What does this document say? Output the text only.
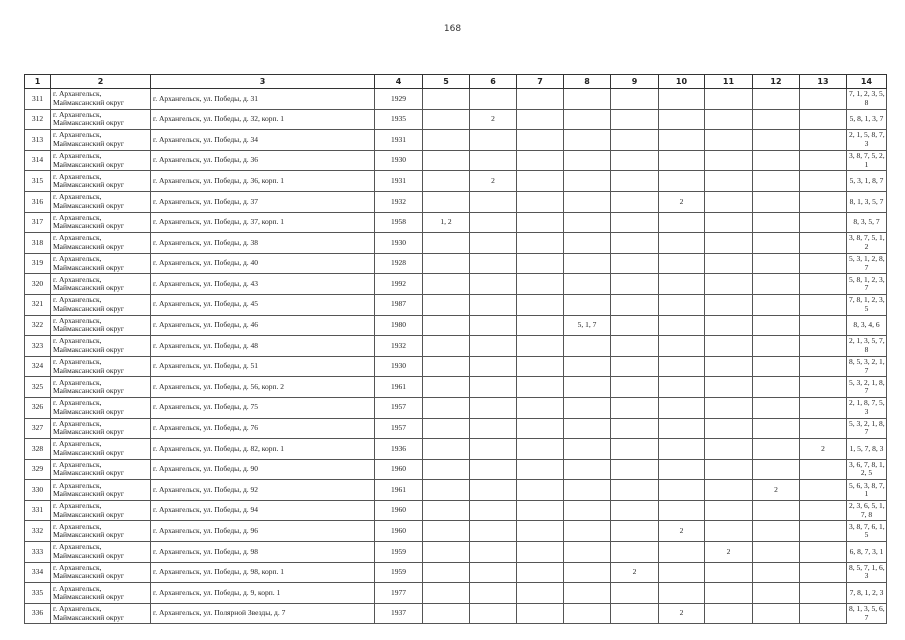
168
1	2	3	4	5	6	7	8	9	10	11	12	13	14
311	г. Архангельск,
Маймаксанский округ	г. Архангельск, ул. Победы, д. 31	1929										7, 1, 2, 3, 5,
8

312	г. Архангельск,
Маймаксанский округ	г. Архангельск, ул. Победы, д. 32, корп. 1	1935		2								5, 8, 1, 3, 7

313	г. Архангельск,
Маймаксанский округ	г. Архангельск, ул. Победы, д. 34	1931										2, 1, 5, 8, 7,
3

314	г. Архангельск,
Маймаксанский округ	г. Архангельск, ул. Победы, д. 36	1930										3, 8, 7, 5, 2,
1

315	г. Архангельск,
Маймаксанский округ	г. Архангельск, ул. Победы, д. 36, корп. 1	1931		2								5, 3, 1, 8, 7

316	г. Архангельск,
Маймаксанский округ	г. Архангельск, ул. Победы, д. 37	1932						2				8, 1, 3, 5, 7

317	г. Архангельск,
Маймаксанский округ	г. Архангельск, ул. Победы, д. 37, корп. 1	1958	1, 2									8, 3, 5, 7

318	г. Архангельск,
Маймаксанский округ	г. Архангельск, ул. Победы, д. 38	1930										3, 8, 7, 5, 1,
2

319	г. Архангельск,
Маймаксанский округ	г. Архангельск, ул. Победы, д. 40	1928										5, 3, 1, 2, 8,
7

320	г. Архангельск,
Маймаксанский округ	г. Архангельск, ул. Победы, д. 43	1992										5, 8, 1, 2, 3,
7

321	г. Архангельск,
Маймаксанский округ	г. Архангельск, ул. Победы, д. 45	1987										7, 8, 1, 2, 3,
5

322	г. Архангельск,
Маймаксанский округ	г. Архангельск, ул. Победы, д. 46	1980				5, 1, 7						8, 3, 4, 6

323	г. Архангельск,
Маймаксанский округ	г. Архангельск, ул. Победы, д. 48	1932										2, 1, 3, 5, 7,
8

324	г. Архангельск,
Маймаксанский округ	г. Архангельск, ул. Победы, д. 51	1930										8, 5, 3, 2, 1,
7

325	г. Архангельск,
Маймаксанский округ	г. Архангельск, ул. Победы, д. 56, корп. 2	1961										5, 3, 2, 1, 8,
7

326	г. Архангельск,
Маймаксанский округ	г. Архангельск, ул. Победы, д. 75	1957										2, 1, 8, 7, 5,
3

327	г. Архангельск,
Маймаксанский округ	г. Архангельск, ул. Победы, д. 76	1957										5, 3, 2, 1, 8,
7

328	г. Архангельск,
Маймаксанский округ	г. Архангельск, ул. Победы, д. 82, корп. 1	1936									2	1, 5, 7, 8, 3

329	г. Архангельск,
Маймаксанский округ	г. Архангельск, ул. Победы, д. 90	1960										3, 6, 7, 8, 1,
2, 5

330	г. Архангельск,
Маймаксанский округ	г. Архангельск, ул. Победы, д. 92	1961								2		5, 6, 3, 8, 7,
1

331	г. Архангельск,
Маймаксанский округ	г. Архангельск, ул. Победы, д. 94	1960										2, 3, 6, 5, 1,
7, 8

332	г. Архангельск,
Маймаксанский округ	г. Архангельск, ул. Победы, д. 96	1960						2				3, 8, 7, 6, 1,
5

333	г. Архангельск,
Маймаксанский округ	г. Архангельск, ул. Победы, д. 98	1959							2			6, 8, 7, 3, 1

334	г. Архангельск,
Маймаксанский округ	г. Архангельск, ул. Победы, д. 98, корп. 1	1959					2					8, 5, 7, 1, 6,
3

335	г. Архангельск,
Маймаксанский округ	г. Архангельск, ул. Победы, д. 9, корп. 1	1977										7, 8, 1, 2, 3

336	г. Архангельск,
Маймаксанский округ	г. Архангельск, ул. Полярной Звезды, д. 7	1937						2				8, 1, 3, 5, 6,
7
